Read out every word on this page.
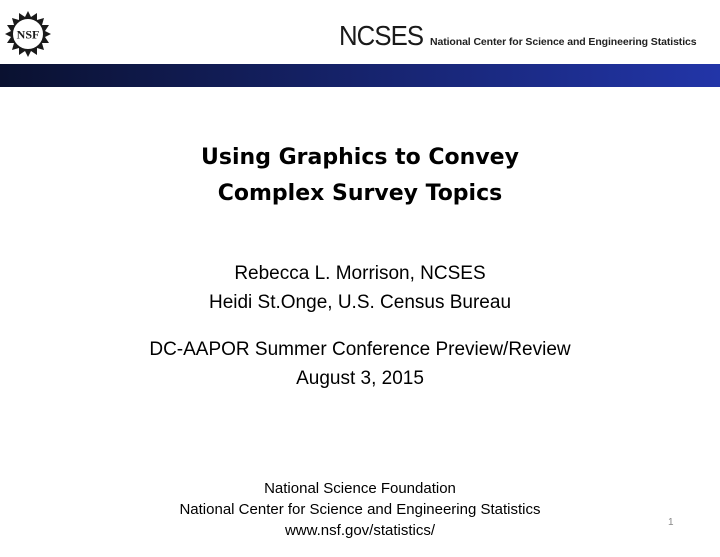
NSF	NCSES National Center for Science and Engineering Statistics
Using Graphics to Convey
Complex Survey Topics
Rebecca L. Morrison, NCSES
Heidi St.Onge, U.S. Census Bureau
DC-AAPOR Summer Conference Preview/Review
August 3, 2015
National Science Foundation
National Center for Science and Engineering Statistics
www.nsf.gov/statistics/	1
